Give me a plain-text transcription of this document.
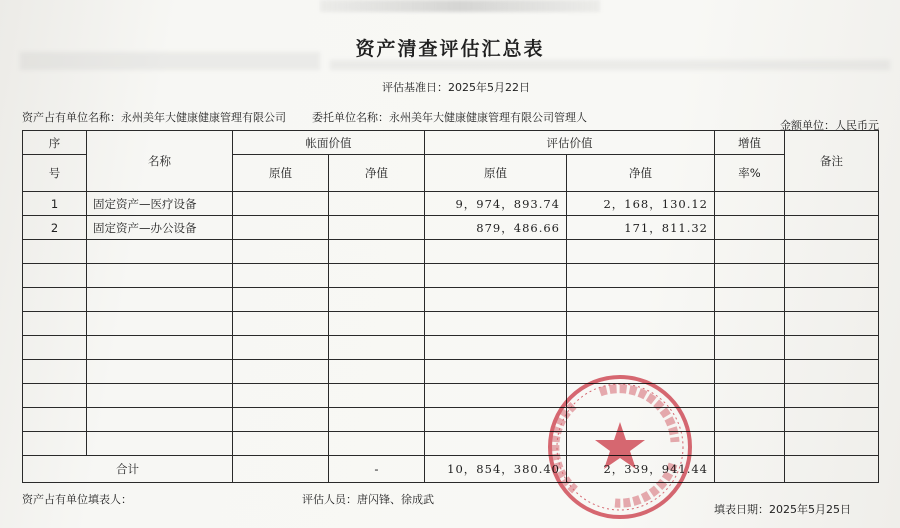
资产清查评估汇总表
评估基准日：2025年5月22日
资产占有单位名称：永州美年大健康健康管理有限公司 委托单位名称：永州美年大健康健康管理有限公司管理人
金额单位：人民币元
序	名称	帐面价值		评估价值		增值	备注
号		原值	净值	原值	净值	率%	
1	固定资产—医疗设备			9，974，893.74	2，168，130.12		
2	固定资产—办公设备			879，486.66	171，811.32		

合计			-	10，854，380.40	2，339，941.44		
资产占有单位填表人：	评估人员：唐闪锋、徐成武
填表日期：2025年5月25日
